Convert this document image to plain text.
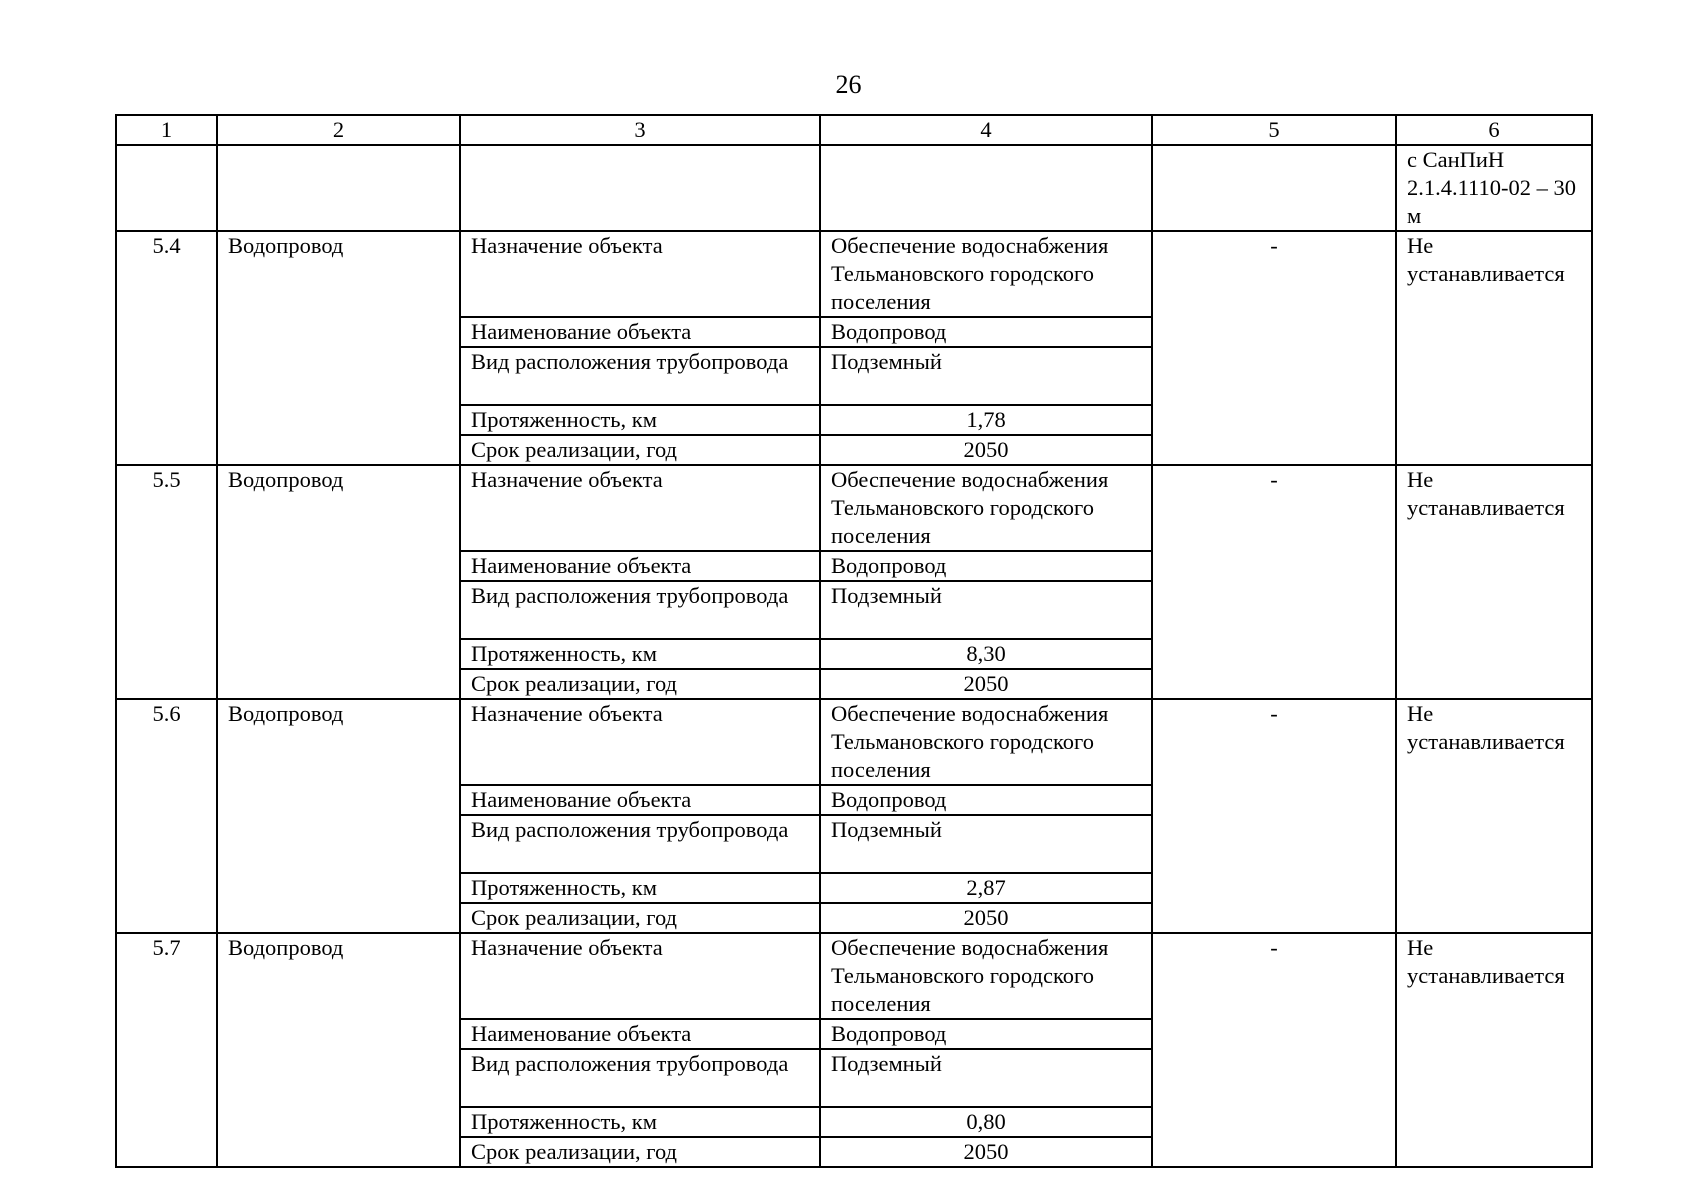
26
1	2	3	4	5	6
					с СанПиН 2.1.4.1110-02 – 30 м
5.4	Водопровод	Назначение объекта	Обеспечение водоснабжения Тельмановского городского поселения	-	Не устанавливается
		Наименование объекта	Водопровод		
		Вид расположения трубопровода	Подземный		
		Протяженность, км	1,78		
		Срок реализации, год	2050		
5.5	Водопровод	Назначение объекта	Обеспечение водоснабжения Тельмановского городского поселения	-	Не устанавливается
		Наименование объекта	Водопровод		
		Вид расположения трубопровода	Подземный		
		Протяженность, км	8,30		
		Срок реализации, год	2050		
5.6	Водопровод	Назначение объекта	Обеспечение водоснабжения Тельмановского городского поселения	-	Не устанавливается
		Наименование объекта	Водопровод		
		Вид расположения трубопровода	Подземный		
		Протяженность, км	2,87		
		Срок реализации, год	2050		
5.7	Водопровод	Назначение объекта	Обеспечение водоснабжения Тельмановского городского поселения	-	Не устанавливается
		Наименование объекта	Водопровод		
		Вид расположения трубопровода	Подземный		
		Протяженность, км	0,80		
		Срок реализации, год	2050		
